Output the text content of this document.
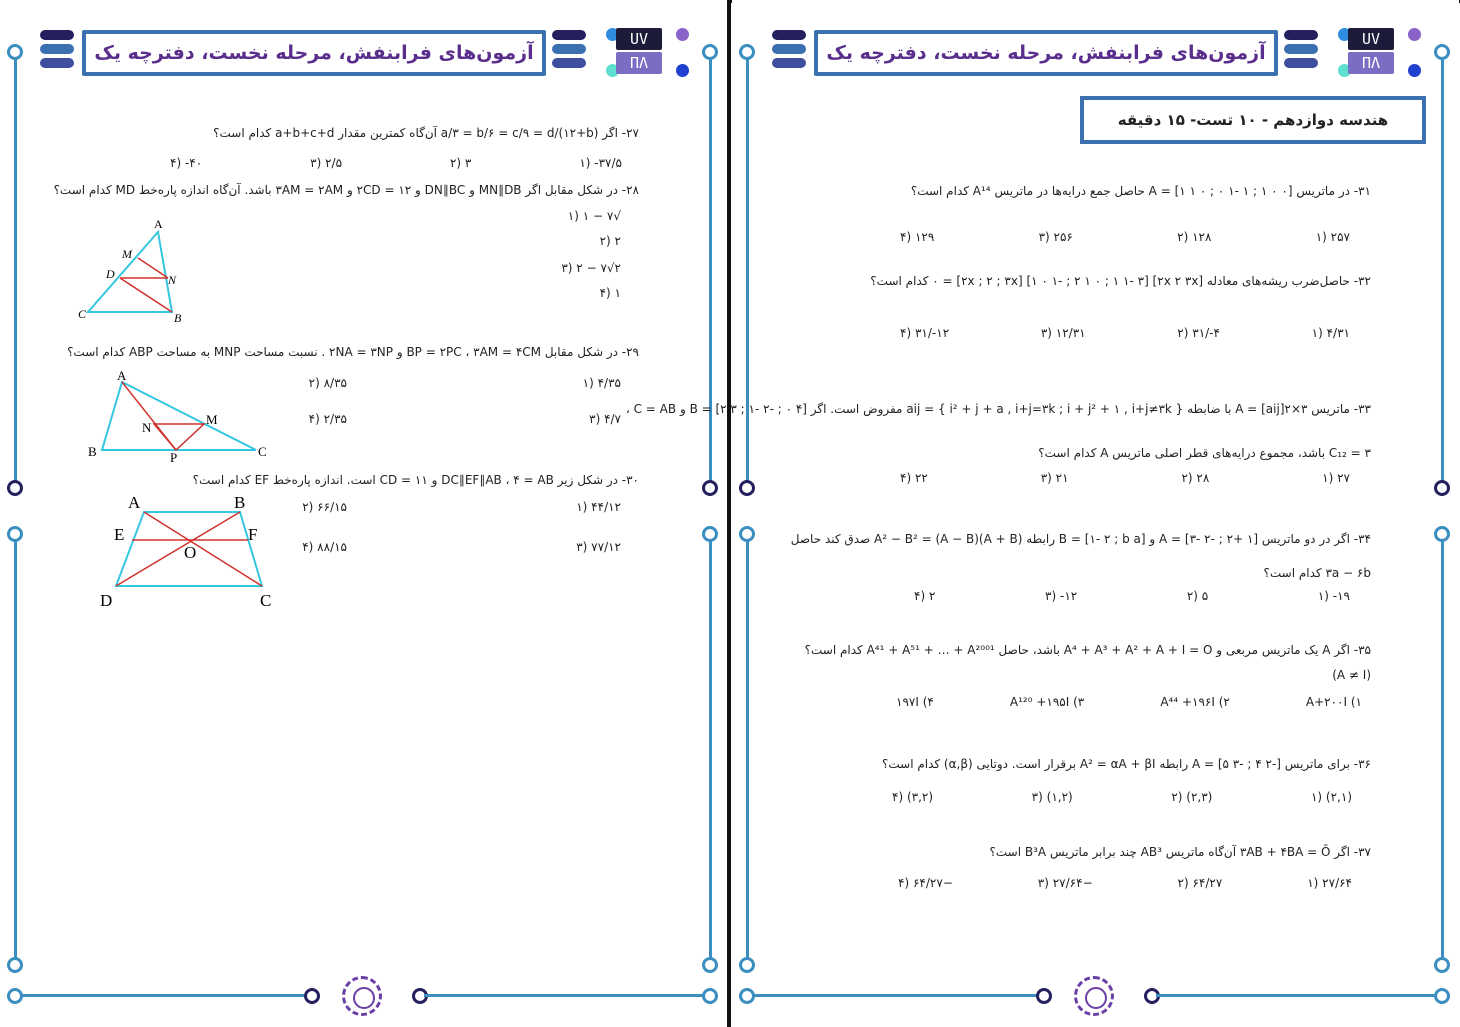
آزمون‌های فرابنفش، مرحله نخست، دفترچه یک
UV
ΠΛ
۲۷- اگر a/۳ = b/۶ = c/۹ = d/(۱۲+b) آن‌گاه کمترین مقدار a+b+c+d کدام است؟
۳۷/۵- (۱
۳ (۲
۲/۵ (۳
۴۰- (۴
۲۸- در شکل مقابل اگر MN∥DB و DN∥BC و ۱۲ = ۲CD و ۳AM = ۲AM باشد. آن‌گاه اندازه پاره‌خط MD کدام است؟
√۷ − ۱ (۱
۲ (۲
۲√۷ − ۲ (۳
۱ (۴
A
M
D	N
C	B
۲۹- در شکل مقابل BP = ۲PC ، ۳AM = ۴CM و ۲NA = ۳NP . نسبت مساحت MNP به مساحت ABP کدام است؟
۴/۳۵ (۱
۸/۳۵ (۲
۴/۷ (۳
۲/۳۵ (۴
A
M
N
B	P	C
۳۰- در شکل زیر DC∥EF∥AB ، ۴ = AB و ۱۱ = CD است. اندازه پاره‌خط EF کدام است؟
۴۴/۱۲ (۱
۶۶/۱۵ (۲
۷۷/۱۲ (۳
۸۸/۱۵ (۴
A	B
E	F
O
D	C
آزمون‌های فرابنفش، مرحله نخست، دفترچه یک
UV
ΠΛ
هندسه دوازدهم - ۱۰ تست- ۱۵ دقیقه
۳۱- در ماتریس A = [۱ ۱ ۰ ; ۰ ۱- ۱ ; ۱ ۰ ۰] حاصل جمع درایه‌ها در ماتریس A¹⁴ کدام است؟
۲۵۷ (۱
۱۲۸ (۲
۲۵۶ (۳
۱۲۹ (۴
۳۲- حاصل‌ضرب ریشه‌های معادله [۲x ۲ ۳x] [۱ ۰ ۱- ; ۲ ۱ ۰ ; ۱ ۱- ۳] [۲x ; ۲ ; ۳x] = ۰ کدام است؟
۴/۳۱ (۱
۴-/۳۱ (۲
۱۲/۳۱ (۳
۱۲-/۳۱ (۴
۳۳- ماتریس A = [aij]۲×۳ با ضابطه aij = { i² + j + a , i+j=۳k ; i + j² + ۱ , i+j≠۳k } مفروض است. اگر B = [۲ ۳ ; ۱- ۲- ; ۰ ۴] و C = AB ،
C₁₂ = ۳ باشد، مجموع درایه‌های قطر اصلی ماتریس A کدام است؟
۲۷ (۱
۲۸ (۲
۲۱ (۳
۲۲ (۴
۳۴- اگر در دو ماتریس A = [۳- ۲- ; ۲+ ۱] و B = [۱- ۲ ; b a] رابطه A² − B² = (A − B)(A + B) صدق کند حاصل
۳a − ۶b کدام است؟
۱۹- (۱
۵ (۲
۱۲- (۳
۲ (۴
۳۵- اگر A یک ماتریس مربعی و A⁴ + A³ + A² + A + I = O باشد، حاصل A⁴¹ + A⁵¹ + … + A²⁰⁰¹ کدام است؟
(A ≠ I)
A+۲۰۰I (۱
A⁴⁴ +۱۹۶I (۲
A¹²⁰ +۱۹۵I (۳
۱۹۷I (۴
۳۶- برای ماتریس A = [۵ ۳- ; ۴ ۲-] رابطه A² = αA + βI برقرار است. دوتایی (α,β) کدام است؟
(۲,۱) (۱
(۲,۳) (۲
(۱,۲) (۳
(۳,۲) (۴
۳۷- اگر ۳AB + ۴BA = Ō آن‌گاه ماتریس AB³ چند برابر ماتریس B³A است؟
۲۷/۶۴ (۱
۶۴/۲۷ (۲
−۲۷/۶۴ (۳
−۶۴/۲۷ (۴
